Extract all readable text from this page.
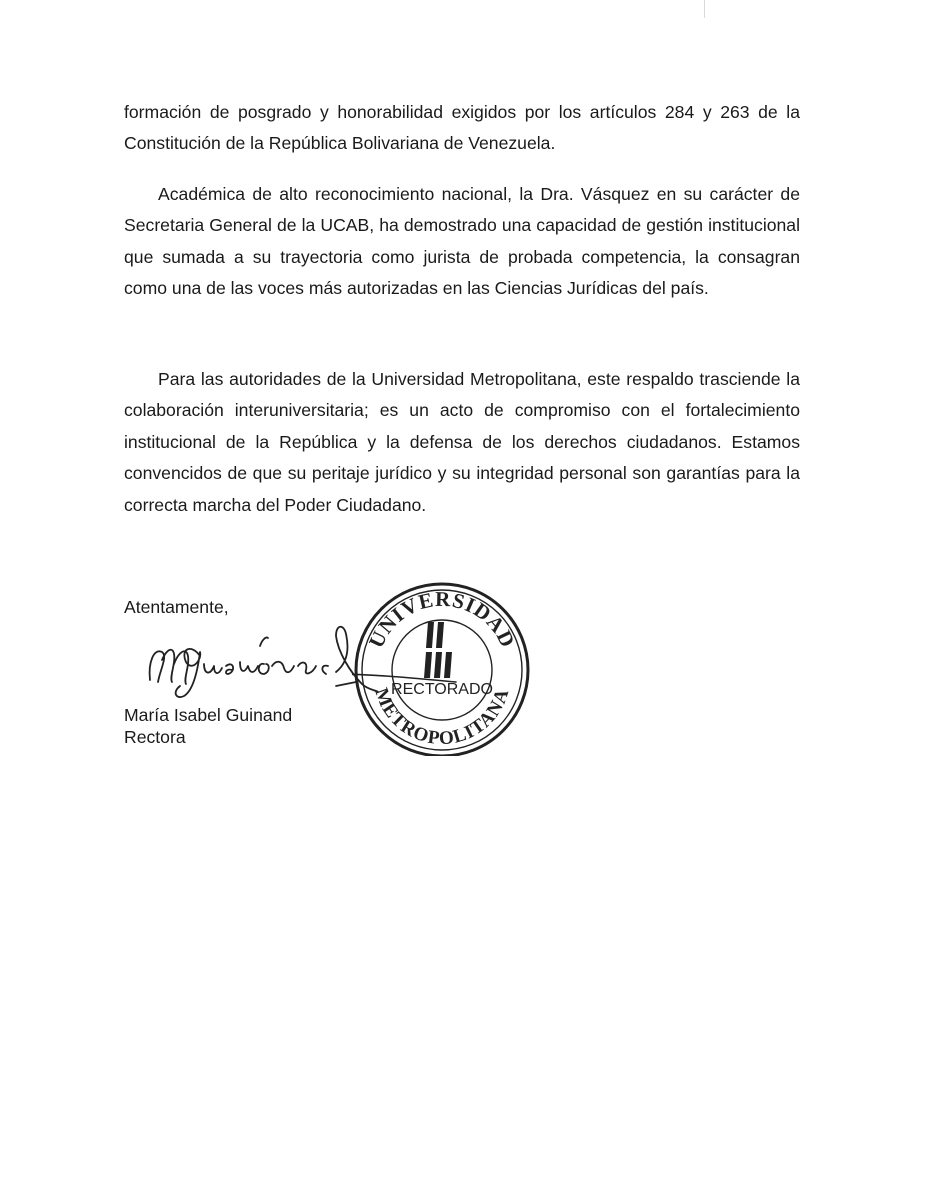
formación de posgrado y honorabilidad exigidos por los artículos 284 y 263 de la Constitución de la República Bolivariana de Venezuela.

Académica de alto reconocimiento nacional, la Dra. Vásquez en su carácter de Secretaria General de la UCAB, ha demostrado una capacidad de gestión institucional que sumada a su trayectoria como jurista de probada competencia, la consagran como una de las voces más autorizadas en las Ciencias Jurídicas del país.

Para las autoridades de la Universidad Metropolitana, este respaldo trasciende la colaboración interuniversitaria; es un acto de compromiso con el fortalecimiento institucional de la República y la defensa de los derechos ciudadanos. Estamos convencidos de que su peritaje jurídico y su integridad personal son garantías para la correcta marcha del Poder Ciudadano.

Atentamente,

María Isabel Guinand

Rectora

UNIVERSIDAD
METROPOLITANA
RECTORADO
